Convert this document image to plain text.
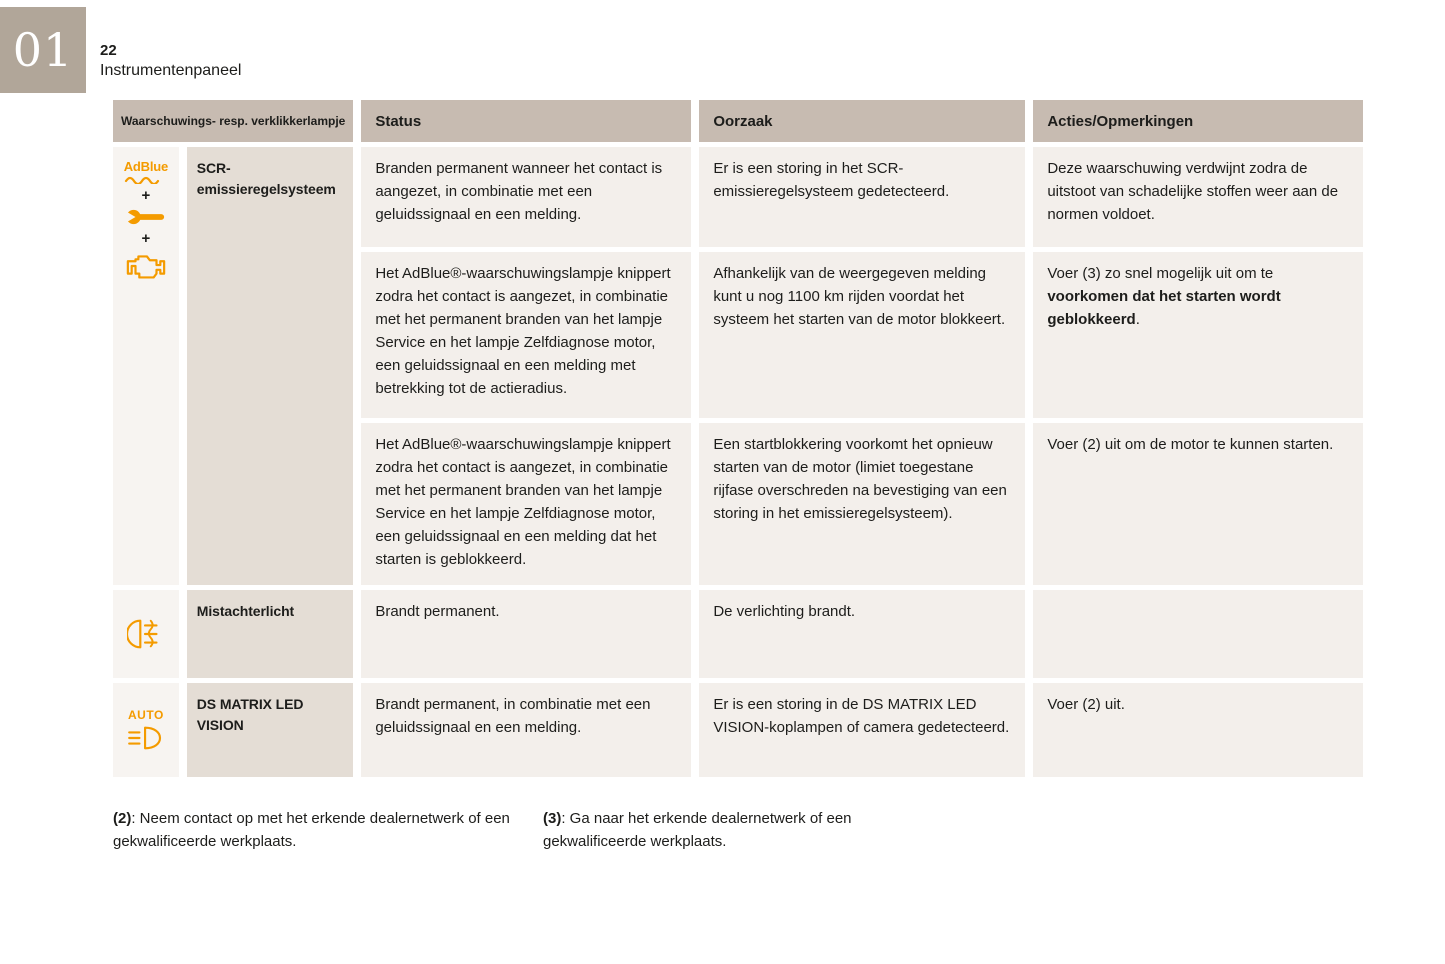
01 22
Instrumentenpaneel
Waarschuwings- resp. verklikkerlampje		Status	Oorzaak	Acties/Opmerkingen

AdBlue
+
+	SCR-emissieregelsysteem	Branden permanent wanneer het contact is aangezet, in combinatie met een geluidssignaal en een melding.	Er is een storing in het SCR-emissieregelsysteem gedetecteerd.	Deze waarschuwing verdwijnt zodra de uitstoot van schadelijke stoffen weer aan de normen voldoet.
		Het AdBlue®-waarschuwingslampje knippert zodra het contact is aangezet, in combinatie met het permanent branden van het lampje Service en het lampje Zelfdiagnose motor, een geluidssignaal en een melding met betrekking tot de actieradius.	Afhankelijk van de weergegeven melding kunt u nog 1100 km rijden voordat het systeem het starten van de motor blokkeert.	Voer (3) zo snel mogelijk uit om te voorkomen dat het starten wordt geblokkeerd.
		Het AdBlue®-waarschuwingslampje knippert zodra het contact is aangezet, in combinatie met het permanent branden van het lampje Service en het lampje Zelfdiagnose motor, een geluidssignaal en een melding dat het starten is geblokkeerd.	Een startblokkering voorkomt het opnieuw starten van de motor (limiet toegestane rijfase overschreden na bevestiging van een storing in het emissieregelsysteem).	Voer (2) uit om de motor te kunnen starten.

	Mistachterlicht	Brandt permanent.	De verlichting brandt.	

AUTO	DS MATRIX LED VISION	Brandt permanent, in combinatie met een geluidssignaal en een melding.	Er is een storing in de DS MATRIX LED VISION-koplampen of camera gedetecteerd.	Voer (2) uit.

(2): Neem contact op met het erkende dealernetwerk of een gekwalificeerde werkplaats.

(3): Ga naar het erkende dealernetwerk of een gekwalificeerde werkplaats.
